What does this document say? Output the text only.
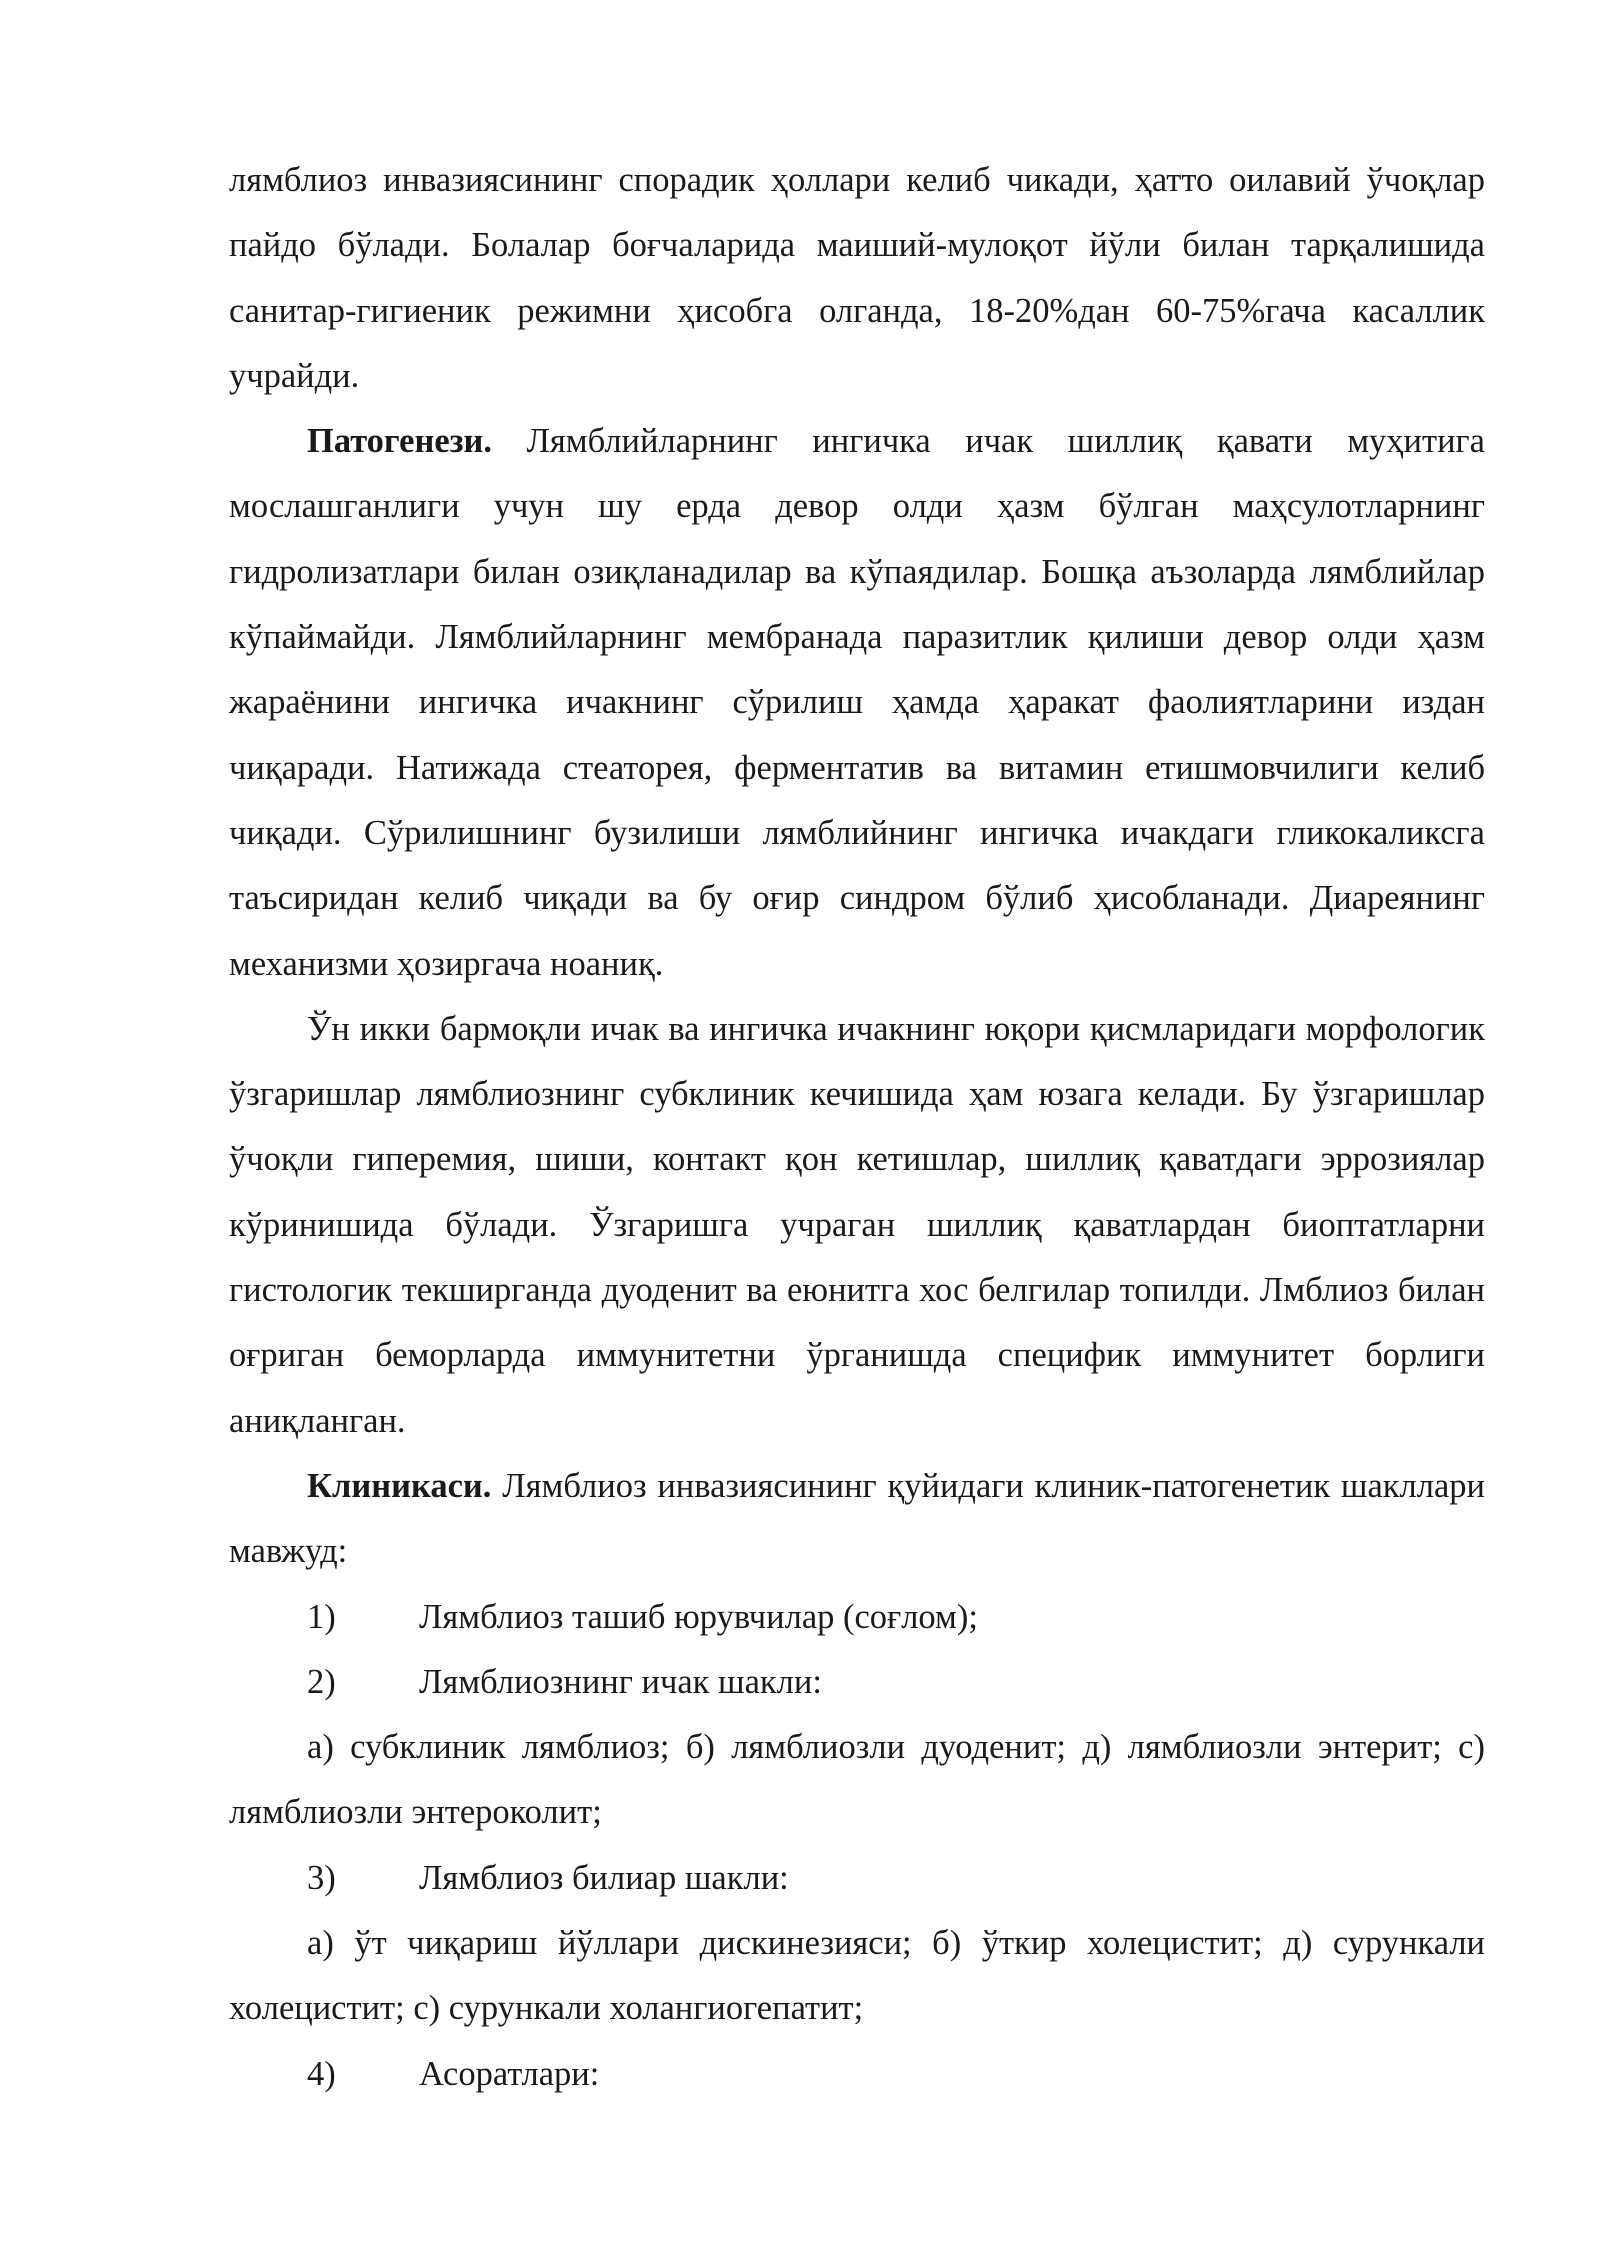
лямблиоз инвазиясининг спорадик ҳоллари келиб чикади, ҳатто оилавий ўчоқлар пайдо бўлади. Болалар боғчаларида маиший-мулоқот йўли билан тарқалишида санитар-гигиеник режимни ҳисобга олганда, 18-20%дан 60-75%гача касаллик учрайди.

Патогенези. Лямблийларнинг ингичка ичак шиллиқ қавати муҳитига мослашганлиги учун шу ерда девор олди ҳазм бўлган маҳсулотларнинг гидролизатлари билан озиқланадилар ва кўпаядилар. Бошқа аъзоларда лямблийлар кўпаймайди. Лямблийларнинг мембранада паразитлик қилиши девор олди ҳазм жараёнини ингичка ичакнинг сўрилиш ҳамда ҳаракат фаолиятларини издан чиқаради. Натижада стеаторея, ферментатив ва витамин етишмовчилиги келиб чиқади. Сўрилишнинг бузилиши лямблийнинг ингичка ичакдаги гликокаликсга таъсиридан келиб чиқади ва бу оғир синдром бўлиб ҳисобланади. Диареянинг механизми ҳозиргача ноаниқ.

Ўн икки бармоқли ичак ва ингичка ичакнинг юқори қисмларидаги морфологик ўзгаришлар лямблиознинг субклиник кечишида ҳам юзага келади. Бу ўзгаришлар ўчоқли гиперемия, шиши, контакт қон кетишлар, шиллиқ қаватдаги эррозиялар кўринишида бўлади. Ўзгаришга учраган шиллиқ қаватлардан биоптатларни гистологик текширганда дуоденит ва еюнитга хос белгилар топилди. Лмблиоз билан оғриган беморларда иммунитетни ўрганишда специфик иммунитет борлиги аниқланган.

Клиникаси. Лямблиоз инвазиясининг қуйидаги клиник-патогенетик шакллари мавжуд:

1)	Лямблиоз ташиб юрувчилар (соғлом);
2)	Лямблиознинг ичак шакли:

а) субклиник лямблиоз; б) лямблиозли дуоденит; д) лямблиозли энтерит; с) лямблиозли энтероколит;

3)	Лямблиоз билиар шакли:

а) ўт чиқариш йўллари дискинезияси; б) ўткир холецистит; д) сурункали холецистит; с) сурункали холангиогепатит;

4)	Асоратлари:
